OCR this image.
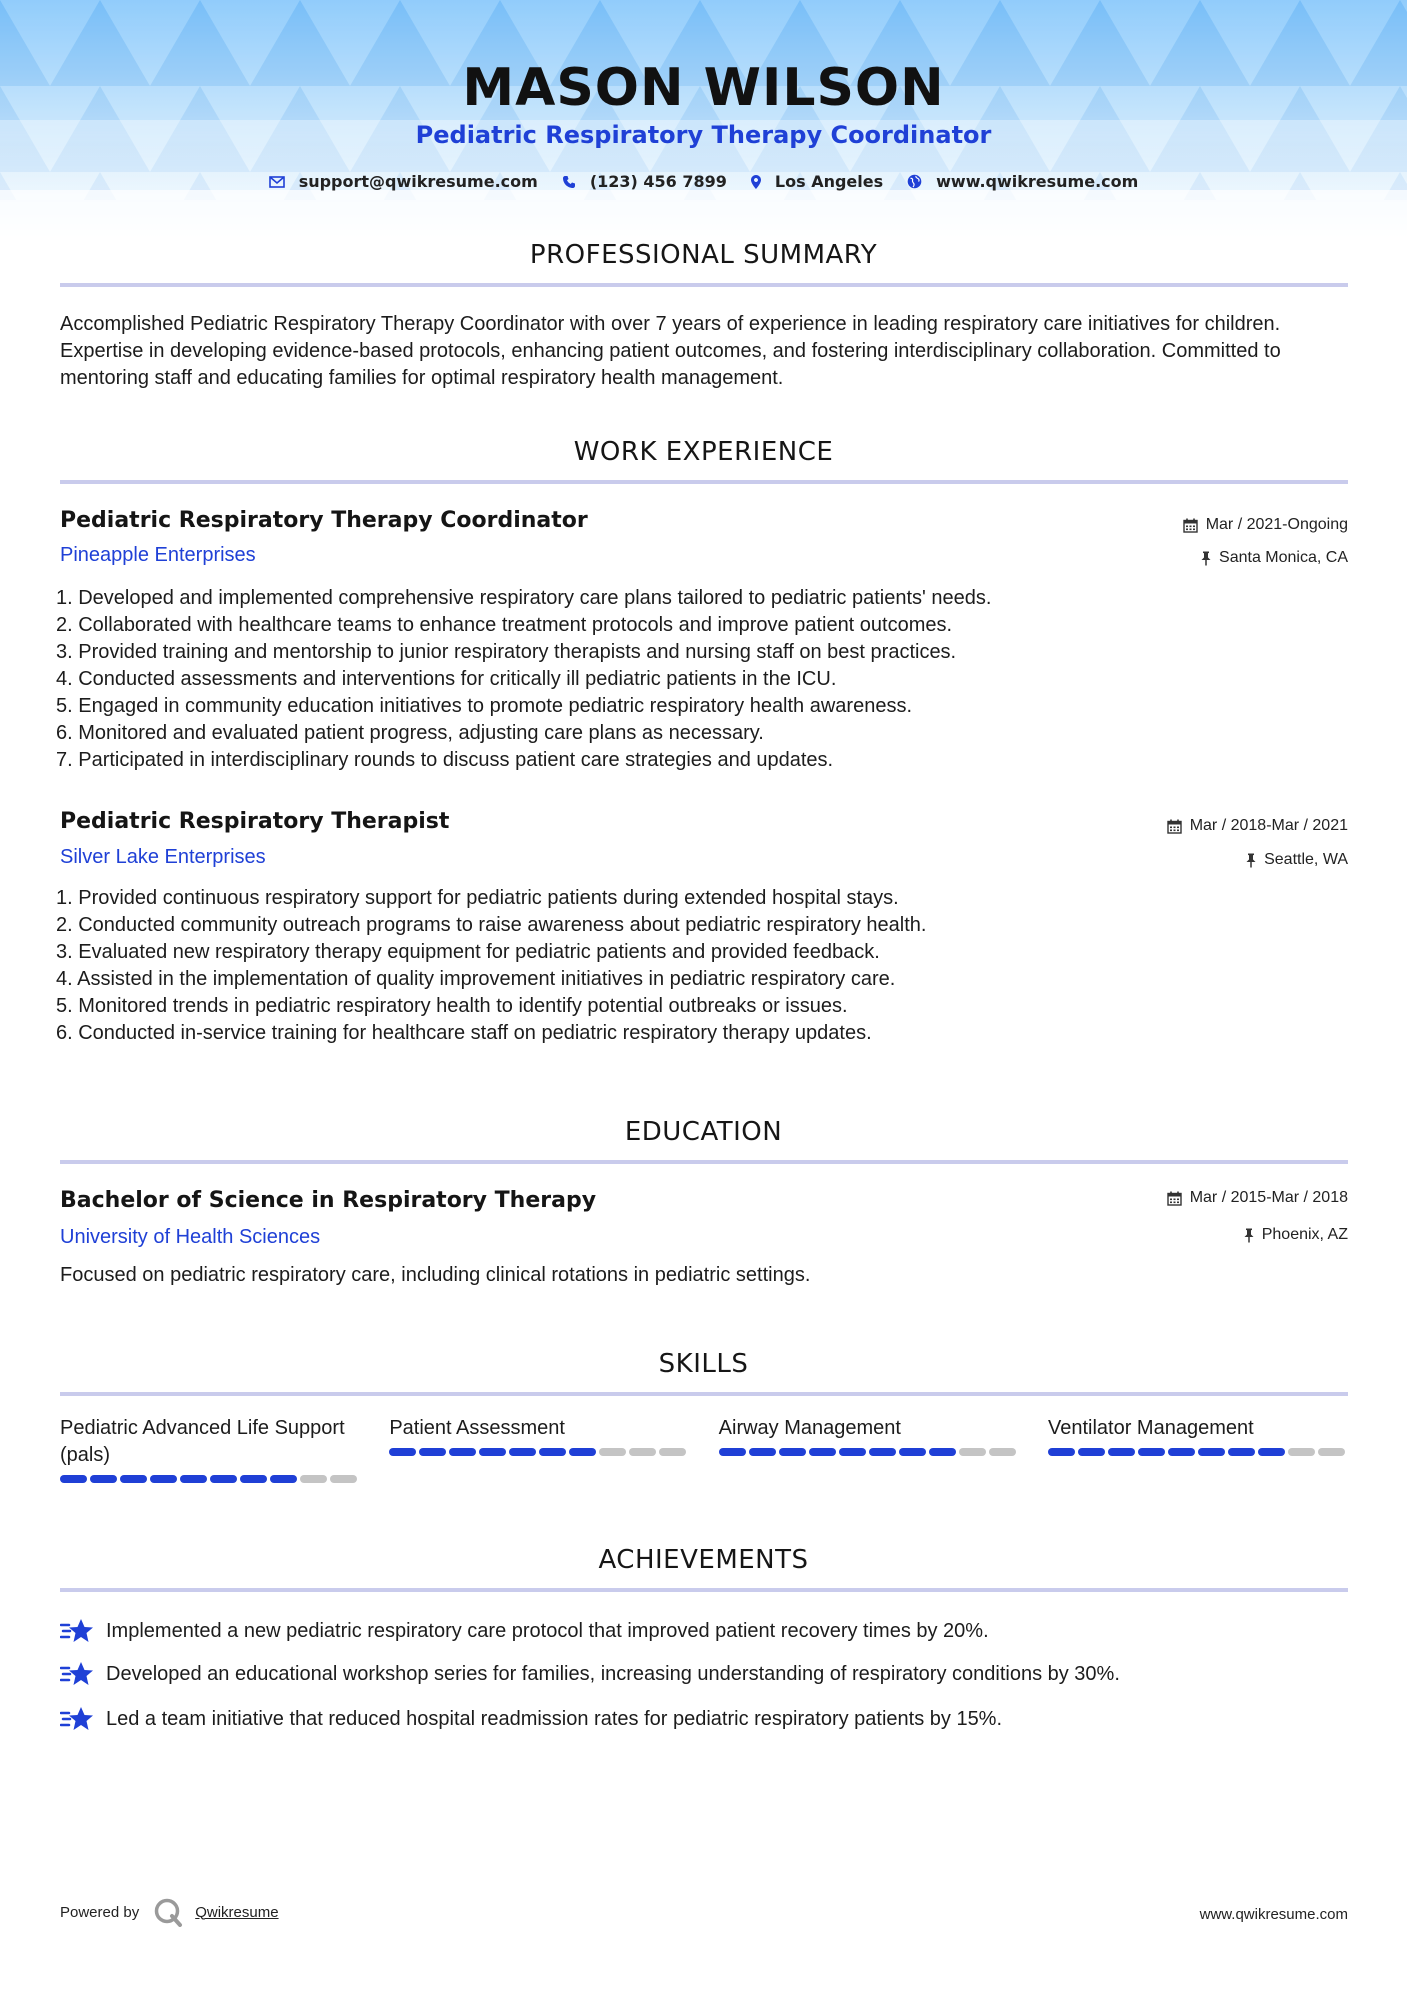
MASON WILSON
Pediatric Respiratory Therapy Coordinator
support@qwikresume.com	(123) 456 7899	Los Angeles	www.qwikresume.com
PROFESSIONAL SUMMARY
Accomplished Pediatric Respiratory Therapy Coordinator with over 7 years of experience in leading respiratory care initiatives for children. Expertise in developing evidence-based protocols, enhancing patient outcomes, and fostering interdisciplinary collaboration. Committed to mentoring staff and educating families for optimal respiratory health management.
WORK EXPERIENCE
Pediatric Respiratory Therapy Coordinator	Mar / 2021-Ongoing
Pineapple Enterprises	Santa Monica, CA
1. Developed and implemented comprehensive respiratory care plans tailored to pediatric patients' needs.
2. Collaborated with healthcare teams to enhance treatment protocols and improve patient outcomes.
3. Provided training and mentorship to junior respiratory therapists and nursing staff on best practices.
4. Conducted assessments and interventions for critically ill pediatric patients in the ICU.
5. Engaged in community education initiatives to promote pediatric respiratory health awareness.
6. Monitored and evaluated patient progress, adjusting care plans as necessary.
7. Participated in interdisciplinary rounds to discuss patient care strategies and updates.
Pediatric Respiratory Therapist	Mar / 2018-Mar / 2021
Silver Lake Enterprises	Seattle, WA
1. Provided continuous respiratory support for pediatric patients during extended hospital stays.
2. Conducted community outreach programs to raise awareness about pediatric respiratory health.
3. Evaluated new respiratory therapy equipment for pediatric patients and provided feedback.
4. Assisted in the implementation of quality improvement initiatives in pediatric respiratory care.
5. Monitored trends in pediatric respiratory health to identify potential outbreaks or issues.
6. Conducted in-service training for healthcare staff on pediatric respiratory therapy updates.
EDUCATION
Bachelor of Science in Respiratory Therapy	Mar / 2015-Mar / 2018
University of Health Sciences	Phoenix, AZ
Focused on pediatric respiratory care, including clinical rotations in pediatric settings.
SKILLS
Pediatric Advanced Life Support (pals)
Patient Assessment	Airway Management	Ventilator Management
ACHIEVEMENTS
Implemented a new pediatric respiratory care protocol that improved patient recovery times by 20%.
Developed an educational workshop series for families, increasing understanding of respiratory conditions by 30%.
Led a team initiative that reduced hospital readmission rates for pediatric respiratory patients by 15%.
Powered by	Qwikresume	www.qwikresume.com
